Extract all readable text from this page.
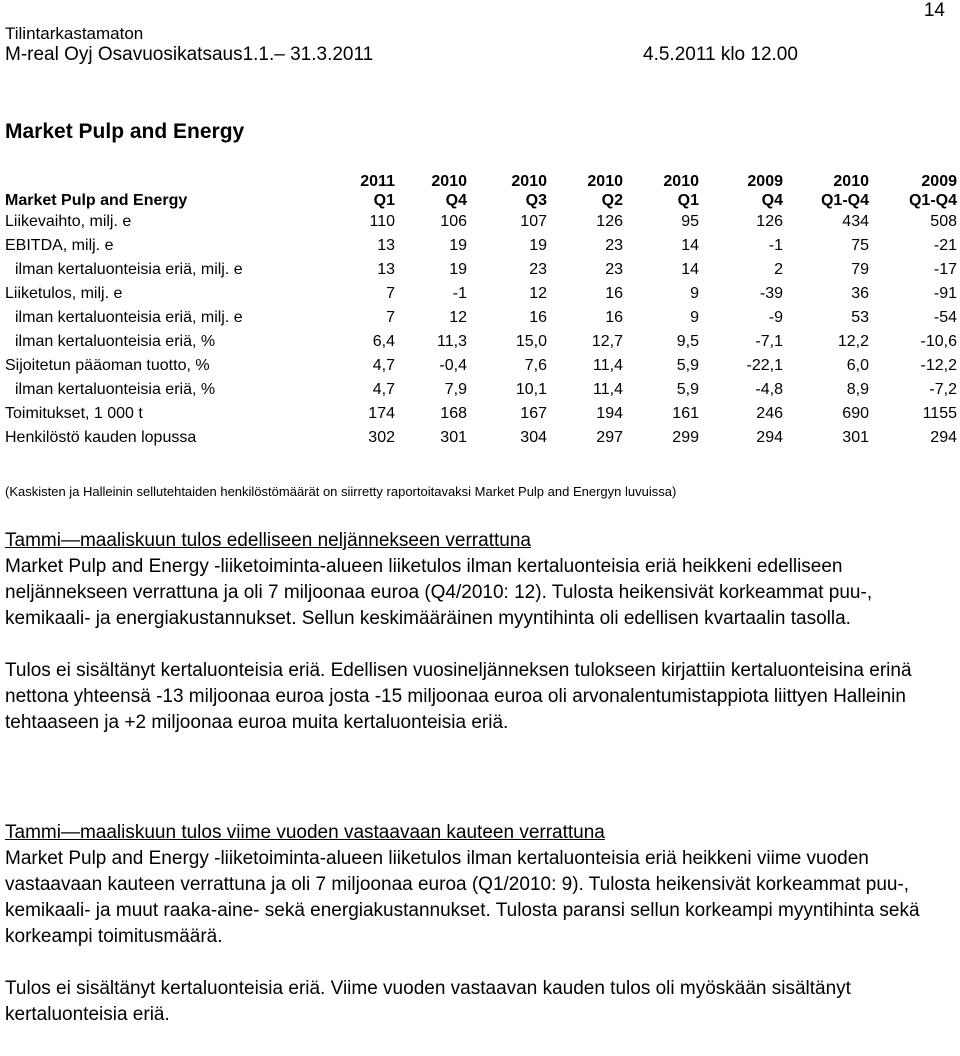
Tilintarkastamaton
M-real Oyj Osavuosikatsaus1.1.– 31.3.2011	4.5.2011 klo 12.00
14
Market Pulp and Energy
	2011	2010	2010	2010	2010	2009	2010	2009
Market Pulp and Energy	Q1	Q4	Q3	Q2	Q1	Q4	Q1-Q4	Q1-Q4
Liikevaihto, milj. e	110	106	107	126	95	126	434	508
EBITDA, milj. e	13	19	19	23	14	-1	75	-21
ilman kertaluonteisia eriä, milj. e	13	19	23	23	14	2	79	-17
Liiketulos, milj. e	7	-1	12	16	9	-39	36	-91
ilman kertaluonteisia eriä, milj. e	7	12	16	16	9	-9	53	-54
ilman kertaluonteisia eriä, %	6,4	11,3	15,0	12,7	9,5	-7,1	12,2	-10,6
Sijoitetun pääoman tuotto, %	4,7	-0,4	7,6	11,4	5,9	-22,1	6,0	-12,2
ilman kertaluonteisia eriä, %	4,7	7,9	10,1	11,4	5,9	-4,8	8,9	-7,2
Toimitukset, 1 000 t	174	168	167	194	161	246	690	1155
Henkilöstö kauden lopussa	302	301	304	297	299	294	301	294
(Kaskisten ja Halleinin sellutehtaiden henkilöstömäärät on siirretty raportoitavaksi Market Pulp and Energyn luvuissa)

Tammi—maaliskuun tulos edelliseen neljännekseen verrattuna

Market Pulp and Energy -liiketoiminta-alueen liiketulos ilman kertaluonteisia eriä heikkeni edelliseen neljännekseen verrattuna ja oli 7 miljoonaa euroa (Q4/2010: 12). Tulosta heikensivät korkeammat puu-, kemikaali- ja energiakustannukset. Sellun keskimääräinen myyntihinta oli edellisen kvartaalin tasolla.

Tulos ei sisältänyt kertaluonteisia eriä. Edellisen vuosineljänneksen tulokseen kirjattiin kertaluonteisina erinä nettona yhteensä -13 miljoonaa euroa josta -15 miljoonaa euroa oli arvonalentumistappiota liittyen Halleinin tehtaaseen ja +2 miljoonaa euroa muita kertaluonteisia eriä.

Tammi—maaliskuun tulos viime vuoden vastaavaan kauteen verrattuna

Market Pulp and Energy -liiketoiminta-alueen liiketulos ilman kertaluonteisia eriä heikkeni viime vuoden vastaavaan kauteen verrattuna ja oli 7 miljoonaa euroa (Q1/2010: 9). Tulosta heikensivät korkeammat puu-, kemikaali- ja muut raaka-aine- sekä energiakustannukset. Tulosta paransi sellun korkeampi myyntihinta sekä korkeampi toimitusmäärä.

Tulos ei sisältänyt kertaluonteisia eriä. Viime vuoden vastaavan kauden tulos oli myöskään sisältänyt kertaluonteisia eriä.
